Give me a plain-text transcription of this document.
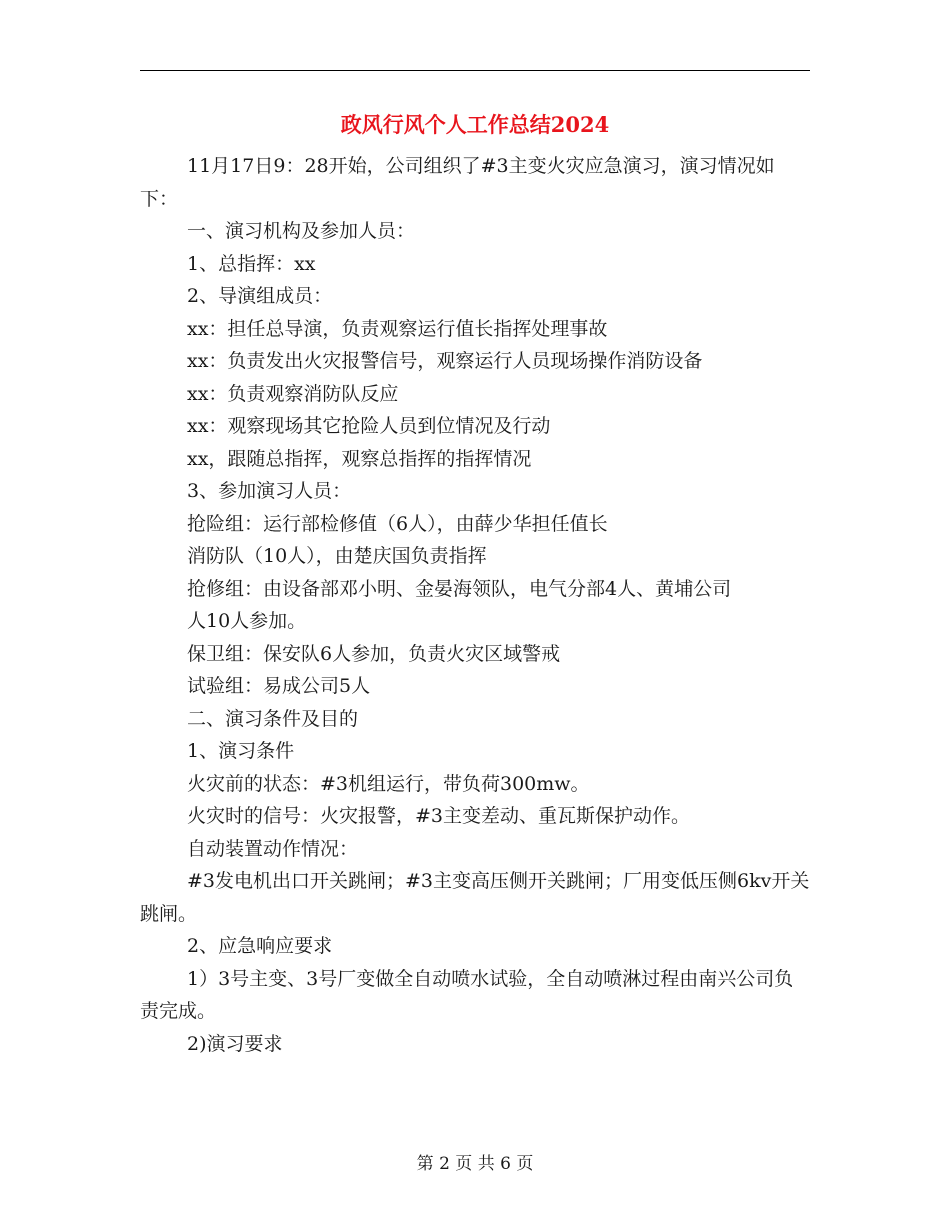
政风行风个人工作总结2024

11月17日9：28开始，公司组织了#3主变火灾应急演习，演习情况如下：

一、演习机构及参加人员：

1、总指挥：xx

2、导演组成员：

xx：担任总导演，负责观察运行值长指挥处理事故

xx：负责发出火灾报警信号，观察运行人员现场操作消防设备

xx：负责观察消防队反应

xx：观察现场其它抢险人员到位情况及行动

xx，跟随总指挥，观察总指挥的指挥情况

3、参加演习人员：

抢险组：运行部检修值（6人），由薛少华担任值长

消防队（10人），由楚庆国负责指挥

抢修组：由设备部邓小明、金晏海领队，电气分部4人、黄埔公司

人10人参加。

保卫组：保安队6人参加，负责火灾区域警戒

试验组：易成公司5人

二、演习条件及目的

1、演习条件

火灾前的状态：#3机组运行，带负荷300mw。

火灾时的信号：火灾报警，#3主变差动、重瓦斯保护动作。

自动装置动作情况：

#3发电机出口开关跳闸；#3主变高压侧开关跳闸；厂用变低压侧6kv开关跳闸。

2、应急响应要求

1）3号主变、3号厂变做全自动喷水试验，全自动喷淋过程由南兴公司负责完成。

2)演习要求

第 2 页 共 6 页
